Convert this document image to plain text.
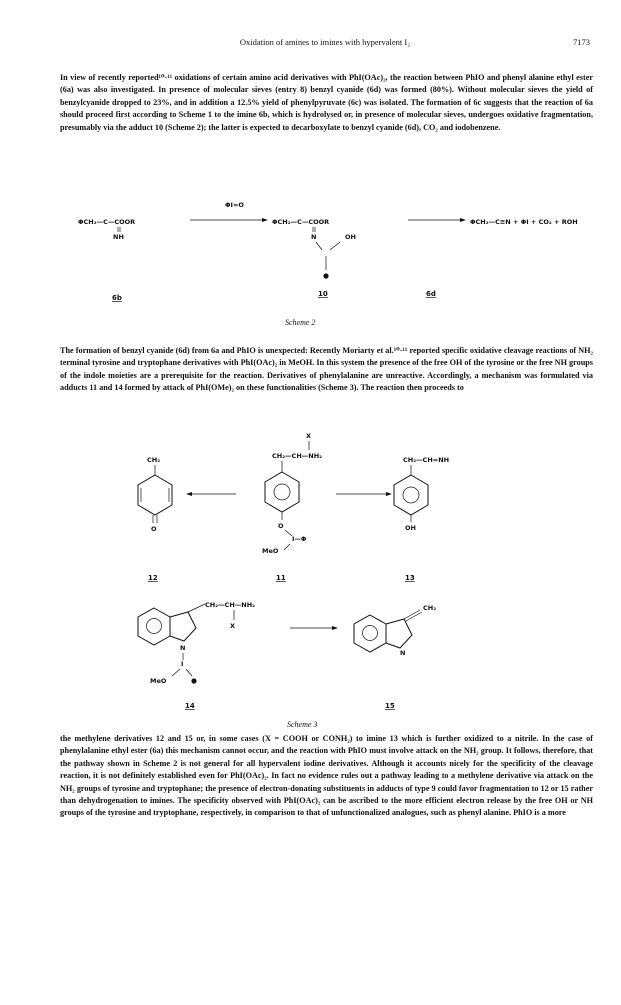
Oxidation of amines to imines with hypervalent I₂	7173

In view of recently reported¹⁰·¹¹ oxidations of certain amino acid derivatives with PhI(OAc)₂, the reaction between PhIO and phenyl alanine ethyl ester (6a) was also investigated. In presence of molecular sieves (entry 8) benzyl cyanide (6d) was formed (80%). Without molecular sieves the yield of benzylcyanide dropped to 23%, and in addition a 12.5% yield of phenylpyruvate (6c) was isolated. The formation of 6c suggests that the reaction of 6a should proceed first according to Scheme 1 to the imine 6b, which is hydrolysed or, in presence of molecular sieves, undergoes oxidative fragmentation, presumably via the adduct 10 (Scheme 2); the latter is expected to decarboxylate to benzyl cyanide (6d), CO₂ and iodobenzene.

ΦI=O
ΦCH₂—C—COOR
NH
ΦCH₂—C—COOR
N	OH
ΦCH₂—C≡N + ΦI + CO₂ + ROH
6b	10	6d
CH₂
O
X
CH₂—CH—NH₂
O
I—Φ
MeO
CH₂—CH=NH
OH
12	11	13
CH₂—CH—NH₂
X
N
I
MeO
CH₂
N
14	15
Scheme 2
Scheme 3

The formation of benzyl cyanide (6d) from 6a and PhIO is unexpected: Recently Moriarty et al.¹⁰·¹¹ reported specific oxidative cleavage reactions of NH₂ terminal tyrosine and tryptophane derivatives with PhI(OAc)₂ in MeOH. In this system the presence of the free OH of the tyrosine or the free NH groups of the indole moieties are a prerequisite for the reaction. Derivatives of phenylalanine are unreactive. Accordingly, a mechanism was formulated via adducts 11 and 14 formed by attack of PhI(OMe)₂ on these functionalities (Scheme 3). The reaction then proceeds to

the methylene derivatives 12 and 15 or, in some cases (X = COOH or CONH₂) to imine 13 which is further oxidized to a nitrile. In the case of phenylalanine ethyl ester (6a) this mechanism cannot occur, and the reaction with PhIO must involve attack on the NH₂ group. It follows, therefore, that the pathway shown in Scheme 2 is not general for all hypervalent iodine derivatives. Although it accounts nicely for the specificity of the cleavage reaction, it is not definitely established even for PhI(OAc)₂. In fact no evidence rules out a pathway leading to a methylene derivative via attack on the NH₂ groups of tyrosine and tryptophane; the presence of electron-donating substituents in adducts of type 9 could favor fragmentation to 12 or 15 rather than dehydrogenation to imines. The specificity observed with PhI(OAc)₂ can be ascribed to the more efficient electron release by the free OH or NH groups of the tyrosine and tryptophane, respectively, in comparison to that of unfunctionalized analogues, such as phenyl alanine. PhIO is a more
